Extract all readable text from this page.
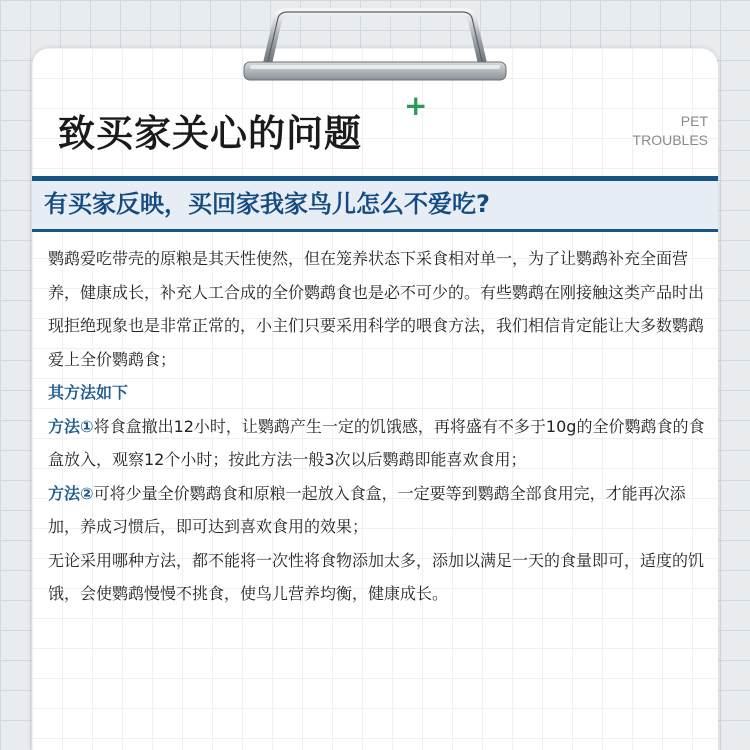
致买家关心的问题
+	PET
TROUBLES
有买家反映，买回家我家鸟儿怎么不爱吃?

鹦鹉爱吃带壳的原粮是其天性使然，但在笼养状态下采食相对单一，为了让鹦鹉补充全面营养，健康成长，补充人工合成的全价鹦鹉食也是必不可少的。有些鹦鹉在刚接触这类产品时出现拒绝现象也是非常正常的，小主们只要采用科学的喂食方法，我们相信肯定能让大多数鹦鹉爱上全价鹦鹉食；

其方法如下

方法①将食盒撤出12小时，让鹦鹉产生一定的饥饿感，再将盛有不多于10g的全价鹦鹉食的食盒放入，观察12个小时；按此方法一般3次以后鹦鹉即能喜欢食用；

方法②可将少量全价鹦鹉食和原粮一起放入食盒，一定要等到鹦鹉全部食用完，才能再次添加，养成习惯后，即可达到喜欢食用的效果；

无论采用哪种方法，都不能将一次性将食物添加太多，添加以满足一天的食量即可，适度的饥饿，会使鹦鹉慢慢不挑食，使鸟儿营养均衡，健康成长。
